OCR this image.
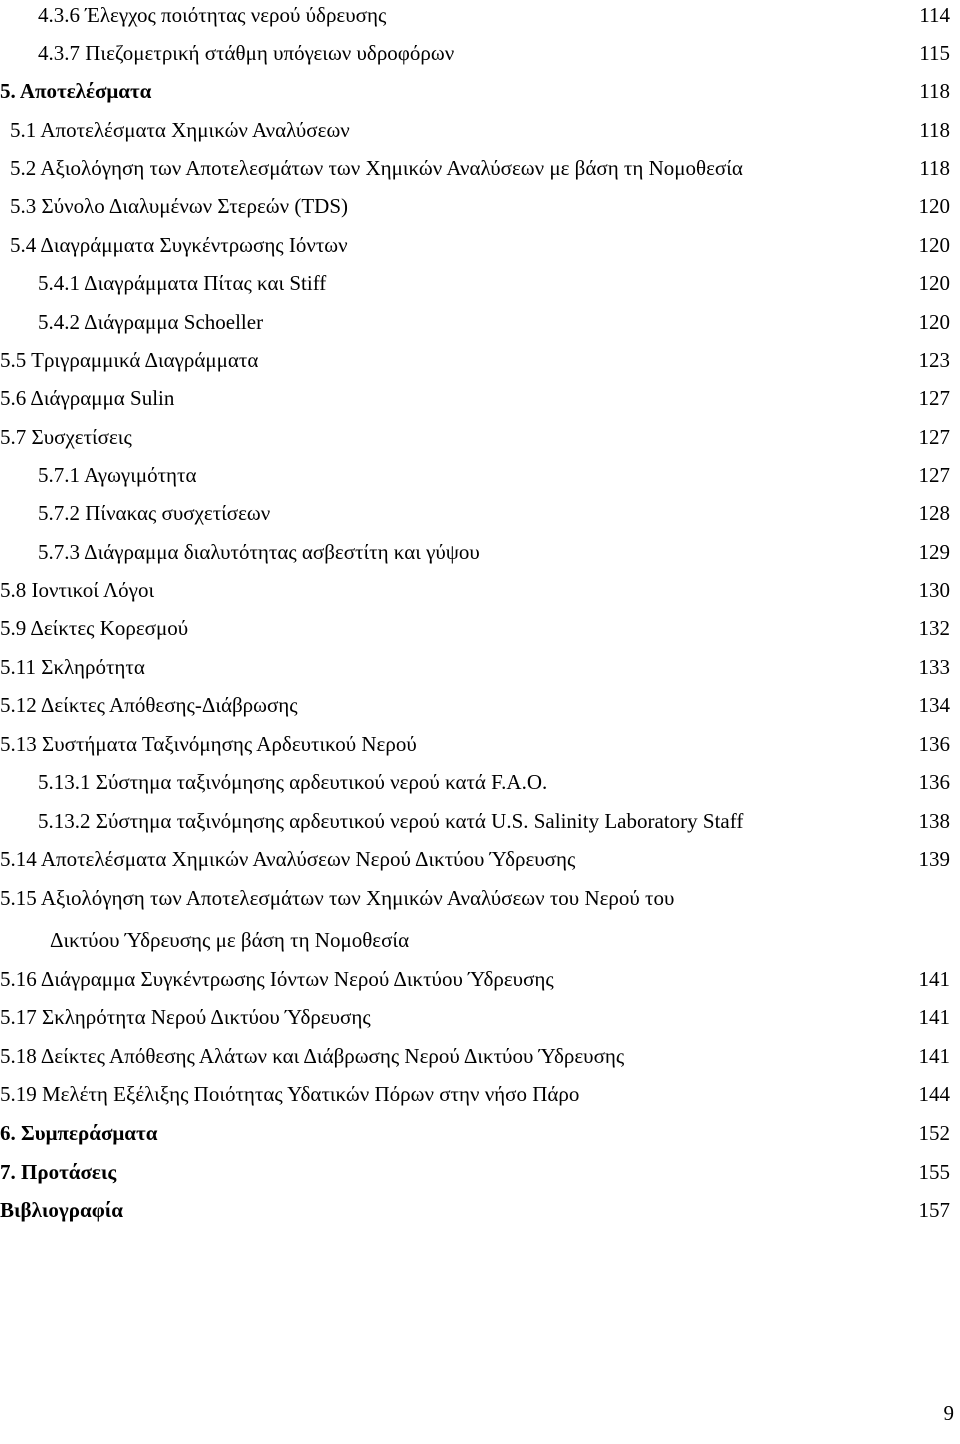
4.3.6 Έλεγχος ποιότητας νερού ύδρευσης	114
4.3.7 Πιεζομετρική στάθμη υπόγειων υδροφόρων	115
5. Αποτελέσματα	118
5.1 Αποτελέσματα Χημικών Αναλύσεων	118
5.2 Αξιολόγηση των Αποτελεσμάτων των Χημικών Αναλύσεων με βάση τη Νομοθεσία	118
5.3 Σύνολο Διαλυμένων Στερεών (TDS)	120
5.4 Διαγράμματα Συγκέντρωσης Ιόντων	120
5.4.1 Διαγράμματα Πίτας και Stiff	120
5.4.2 Διάγραμμα Schoeller	120
5.5 Τριγραμμικά Διαγράμματα	123
5.6 Διάγραμμα Sulin	127
5.7 Συσχετίσεις	127
5.7.1 Αγωγιμότητα	127
5.7.2 Πίνακας συσχετίσεων	128
5.7.3 Διάγραμμα διαλυτότητας ασβεστίτη και γύψου	129
5.8 Ιοντικοί Λόγοι	130
5.9 Δείκτες Κορεσμού	132
5.11 Σκληρότητα	133
5.12 Δείκτες Απόθεσης-Διάβρωσης	134
5.13 Συστήματα Ταξινόμησης Αρδευτικού Νερού	136
5.13.1 Σύστημα ταξινόμησης αρδευτικού νερού κατά F.A.O.	136
5.13.2 Σύστημα ταξινόμησης αρδευτικού νερού κατά U.S. Salinity Laboratory Staff	138
5.14 Αποτελέσματα Χημικών Αναλύσεων Νερού Δικτύου Ύδρευσης	139
5.15 Αξιολόγηση των Αποτελεσμάτων των Χημικών Αναλύσεων του Νερού του
Δικτύου Ύδρευσης με βάση τη Νομοθεσία
5.16 Διάγραμμα Συγκέντρωσης Ιόντων Νερού Δικτύου Ύδρευσης	141
5.17 Σκληρότητα Νερού Δικτύου Ύδρευσης	141
5.18 Δείκτες Απόθεσης Αλάτων και Διάβρωσης Νερού Δικτύου Ύδρευσης	141
5.19 Μελέτη Εξέλιξης Ποιότητας Υδατικών Πόρων στην νήσο Πάρο	144
6. Συμπεράσματα	152
7. Προτάσεις	155
Βιβλιογραφία	157
9
